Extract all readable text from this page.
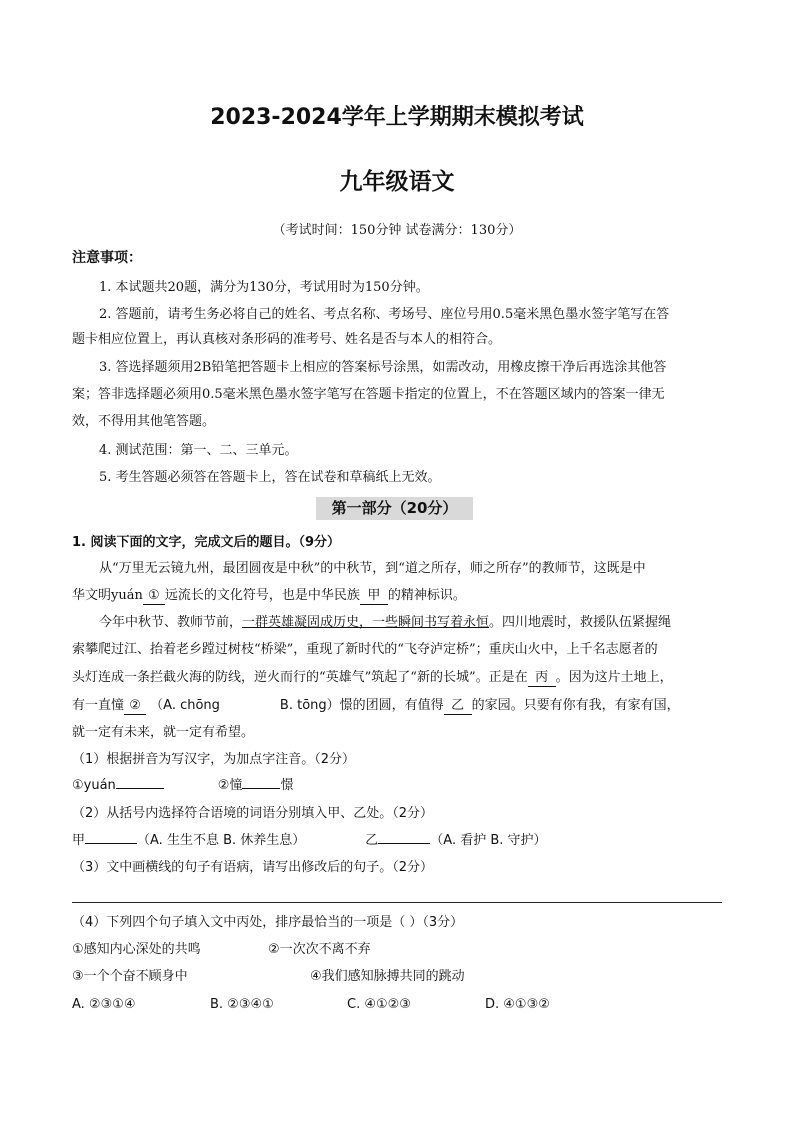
2023-2024学年上学期期末模拟考试
九年级语文
（考试时间：150分钟 试卷满分：130分）
注意事项：
1. 本试题共20题，满分为130分，考试用时为150分钟。
2. 答题前，请考生务必将自己的姓名、考点名称、考场号、座位号用0.5毫米黑色墨水签字笔写在答
题卡相应位置上，再认真核对条形码的准考号、姓名是否与本人的相符合。
3. 答选择题须用2B铅笔把答题卡上相应的答案标号涂黑，如需改动，用橡皮擦干净后再选涂其他答
案；答非选择题必须用0.5毫米黑色墨水签字笔写在答题卡指定的位置上，不在答题区域内的答案一律无
效，不得用其他笔答题。
4. 测试范围：第一、二、三单元。
5. 考生答题必须答在答题卡上，答在试卷和草稿纸上无效。
第一部分（20分）
1. 阅读下面的文字，完成文后的题目。（9分）
从“万里无云镜九州，最团圆夜是中秋”的中秋节，到“道之所存，师之所存”的教师节，这既是中
华文明yuán ① 远流长的文化符号，也是中华民族 甲 的精神标识。
今年中秋节、教师节前，一群英雄凝固成历史，一些瞬间书写着永恒。四川地震时，救援队伍紧握绳
索攀爬过江、抬着老乡蹚过树枝“桥梁”，重现了新时代的“飞夺泸定桥”；重庆山火中，上千名志愿者的
头灯连成一条拦截火海的防线，逆火而行的“英雄气”筑起了“新的长城”。正是在 丙 。因为这片土地上，
有一直憧 ② （A. chōng	B. tōng）憬的团圆，有值得 乙 的家园。只要有你有我，有家有国，
就一定有未来，就一定有希望。
（1）根据拼音为写汉字，为加点字注音。（2分）
①yuán	②憧	憬
（2）从括号内选择符合语境的词语分别填入甲、乙处。（2分）
甲	（A. 生生不息 B. 休养生息）	乙	（A. 看护 B. 守护）
（3）文中画横线的句子有语病，请写出修改后的句子。（2分）
（4）下列四个句子填入文中丙处，排序最恰当的一项是（ ）（3分）
①感知内心深处的共鸣	②一次次不离不弃
③一个个奋不顾身中	④我们感知脉搏共同的跳动
A. ②③①④	B. ②③④①	C. ④①②③	D. ④①③②
